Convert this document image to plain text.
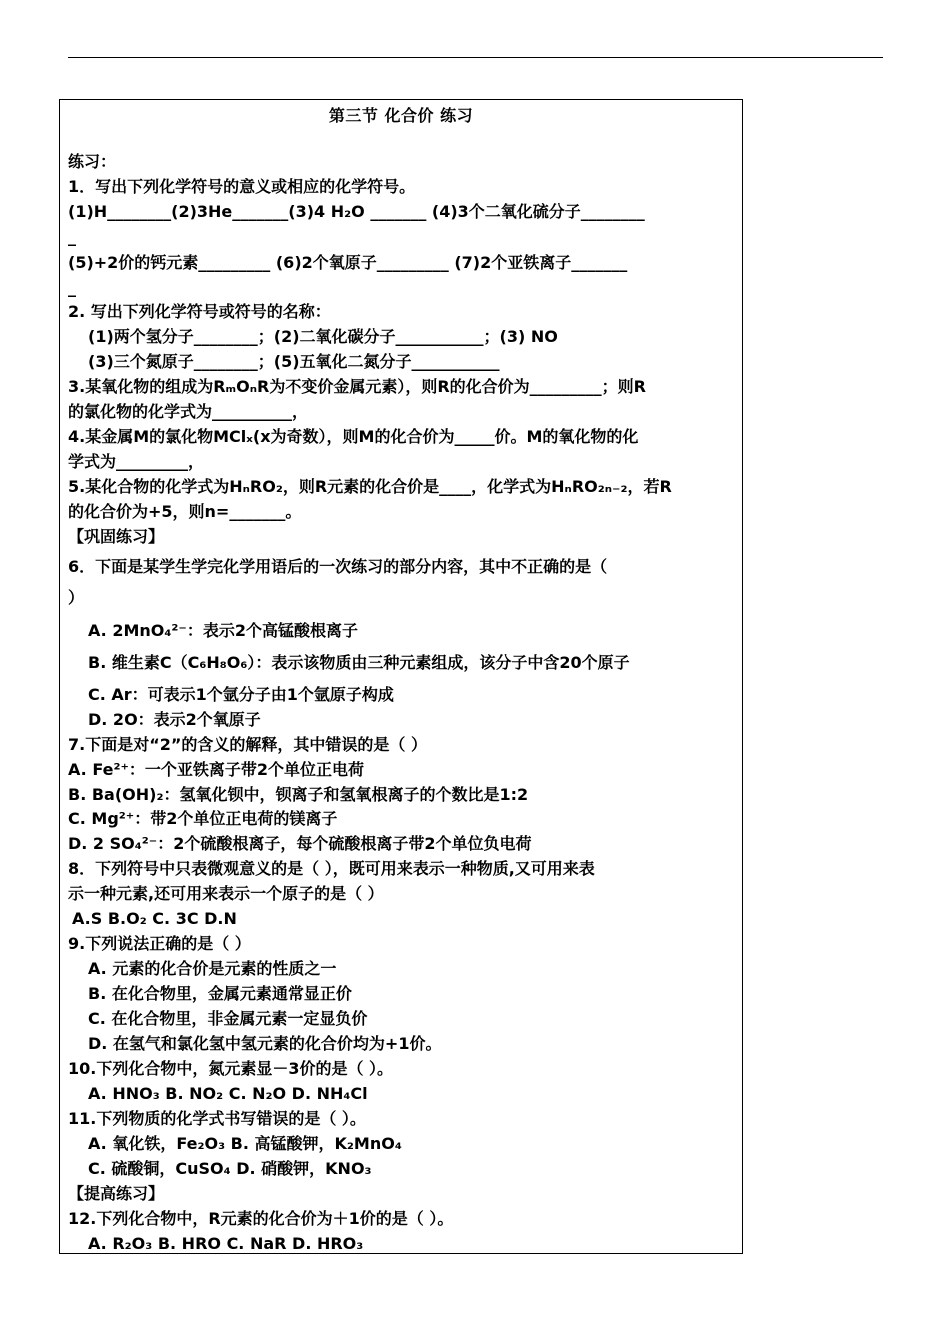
第三节 化合价 练习
练习：
1．写出下列化学符号的意义或相应的化学符号。
(1)H________(2)3He_______(3)4 H₂O _______ (4)3个二氧化硫分子________
_
(5)+2价的钙元素_________ (6)2个氧原子_________ (7)2个亚铁离子_______
_
2. 写出下列化学符号或符号的名称：
(1)两个氢分子________；(2)二氧化碳分子___________；(3) NO
(3)三个氮原子________；(5)五氧化二氮分子___________
3.某氧化物的组成为RₘOₙR为不变价金属元素），则R的化合价为_________；则R
的氯化物的化学式为__________，
4.某金属M的氯化物MClₓ(x为奇数），则M的化合价为_____价。M的氧化物的化
学式为_________，
5.某化合物的化学式为HₙRO₂，则R元素的化合价是____，化学式为HₙRO₂ₙ₋₂，若R
的化合价为+5，则n=_______。
【巩固练习】
6．下面是某学生学完化学用语后的一次练习的部分内容，其中不正确的是（
）
A. 2MnO₄²⁻：表示2个高锰酸根离子
B. 维生素C（C₆H₈O₆）：表示该物质由三种元素组成，该分子中含20个原子
C. Ar：可表示1个氩分子由1个氩原子构成
D. 2O：表示2个氧原子
7.下面是对“2”的含义的解释，其中错误的是（ ）
A. Fe²⁺：一个亚铁离子带2个单位正电荷
B. Ba(OH)₂：氢氧化钡中，钡离子和氢氧根离子的个数比是1:2
C. Mg²⁺：带2个单位正电荷的镁离子
D. 2 SO₄²⁻：2个硫酸根离子，每个硫酸根离子带2个单位负电荷
8．下列符号中只表微观意义的是（ ），既可用来表示一种物质,又可用来表
示一种元素,还可用来表示一个原子的是（ ）
A.S B.O₂ C. 3C D.N
9.下列说法正确的是（ ）
A. 元素的化合价是元素的性质之一
B. 在化合物里，金属元素通常显正价
C. 在化合物里，非金属元素一定显负价
D. 在氢气和氯化氢中氢元素的化合价均为+1价。
10.下列化合物中，氮元素显－3价的是（ ）。
A. HNO₃ B. NO₂ C. N₂O D. NH₄Cl
11.下列物质的化学式书写错误的是（ ）。
A. 氧化铁，Fe₂O₃ B. 高锰酸钾，K₂MnO₄
C. 硫酸铜，CuSO₄ D. 硝酸钾，KNO₃
【提高练习】
12.下列化合物中，R元素的化合价为＋1价的是（ ）。
A. R₂O₃ B. HRO C. NaR D. HRO₃
